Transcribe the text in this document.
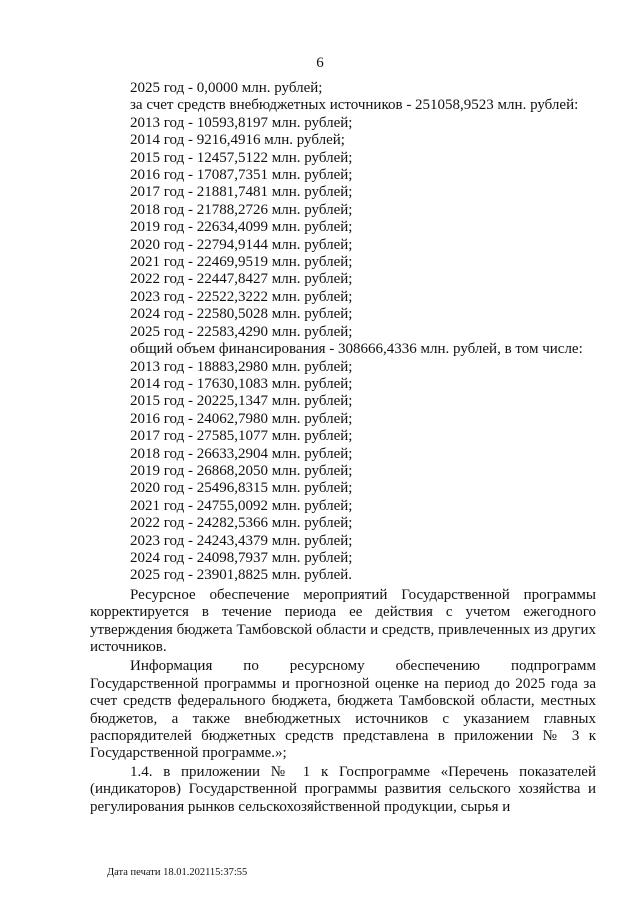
6
2025 год - 0,0000 млн. рублей;
за счет средств внебюджетных источников - 251058,9523 млн. рублей:
2013 год - 10593,8197 млн. рублей;
2014 год - 9216,4916 млн. рублей;
2015 год - 12457,5122 млн. рублей;
2016 год - 17087,7351 млн. рублей;
2017 год - 21881,7481 млн. рублей;
2018 год - 21788,2726 млн. рублей;
2019 год - 22634,4099 млн. рублей;
2020 год - 22794,9144 млн. рублей;
2021 год - 22469,9519 млн. рублей;
2022 год - 22447,8427 млн. рублей;
2023 год - 22522,3222 млн. рублей;
2024 год - 22580,5028 млн. рублей;
2025 год - 22583,4290 млн. рублей;
общий объем финансирования - 308666,4336 млн. рублей, в том числе:
2013 год - 18883,2980 млн. рублей;
2014 год - 17630,1083 млн. рублей;
2015 год - 20225,1347 млн. рублей;
2016 год - 24062,7980 млн. рублей;
2017 год - 27585,1077 млн. рублей;
2018 год - 26633,2904 млн. рублей;
2019 год - 26868,2050 млн. рублей;
2020 год - 25496,8315 млн. рублей;
2021 год - 24755,0092 млн. рублей;
2022 год - 24282,5366 млн. рублей;
2023 год - 24243,4379 млн. рублей;
2024 год - 24098,7937 млн. рублей;
2025 год - 23901,8825 млн. рублей.

Ресурсное обеспечение мероприятий Государственной программы корректируется в течение периода ее действия с учетом ежегодного утверждения бюджета Тамбовской области и средств, привлеченных из других источников.

Информация по ресурсному обеспечению подпрограмм Государственной программы и прогнозной оценке на период до 2025 года за счет средств федерального бюджета, бюджета Тамбовской области, местных бюджетов, а также внебюджетных источников с указанием главных распорядителей бюджетных средств представлена в приложении № 3 к Государственной программе.»;

1.4. в приложении № 1 к Госпрограмме «Перечень показателей (индикаторов) Государственной программы развития сельского хозяйства и регулирования рынков сельскохозяйственной продукции, сырья и

Дата печати 18.01.202115:37:55
